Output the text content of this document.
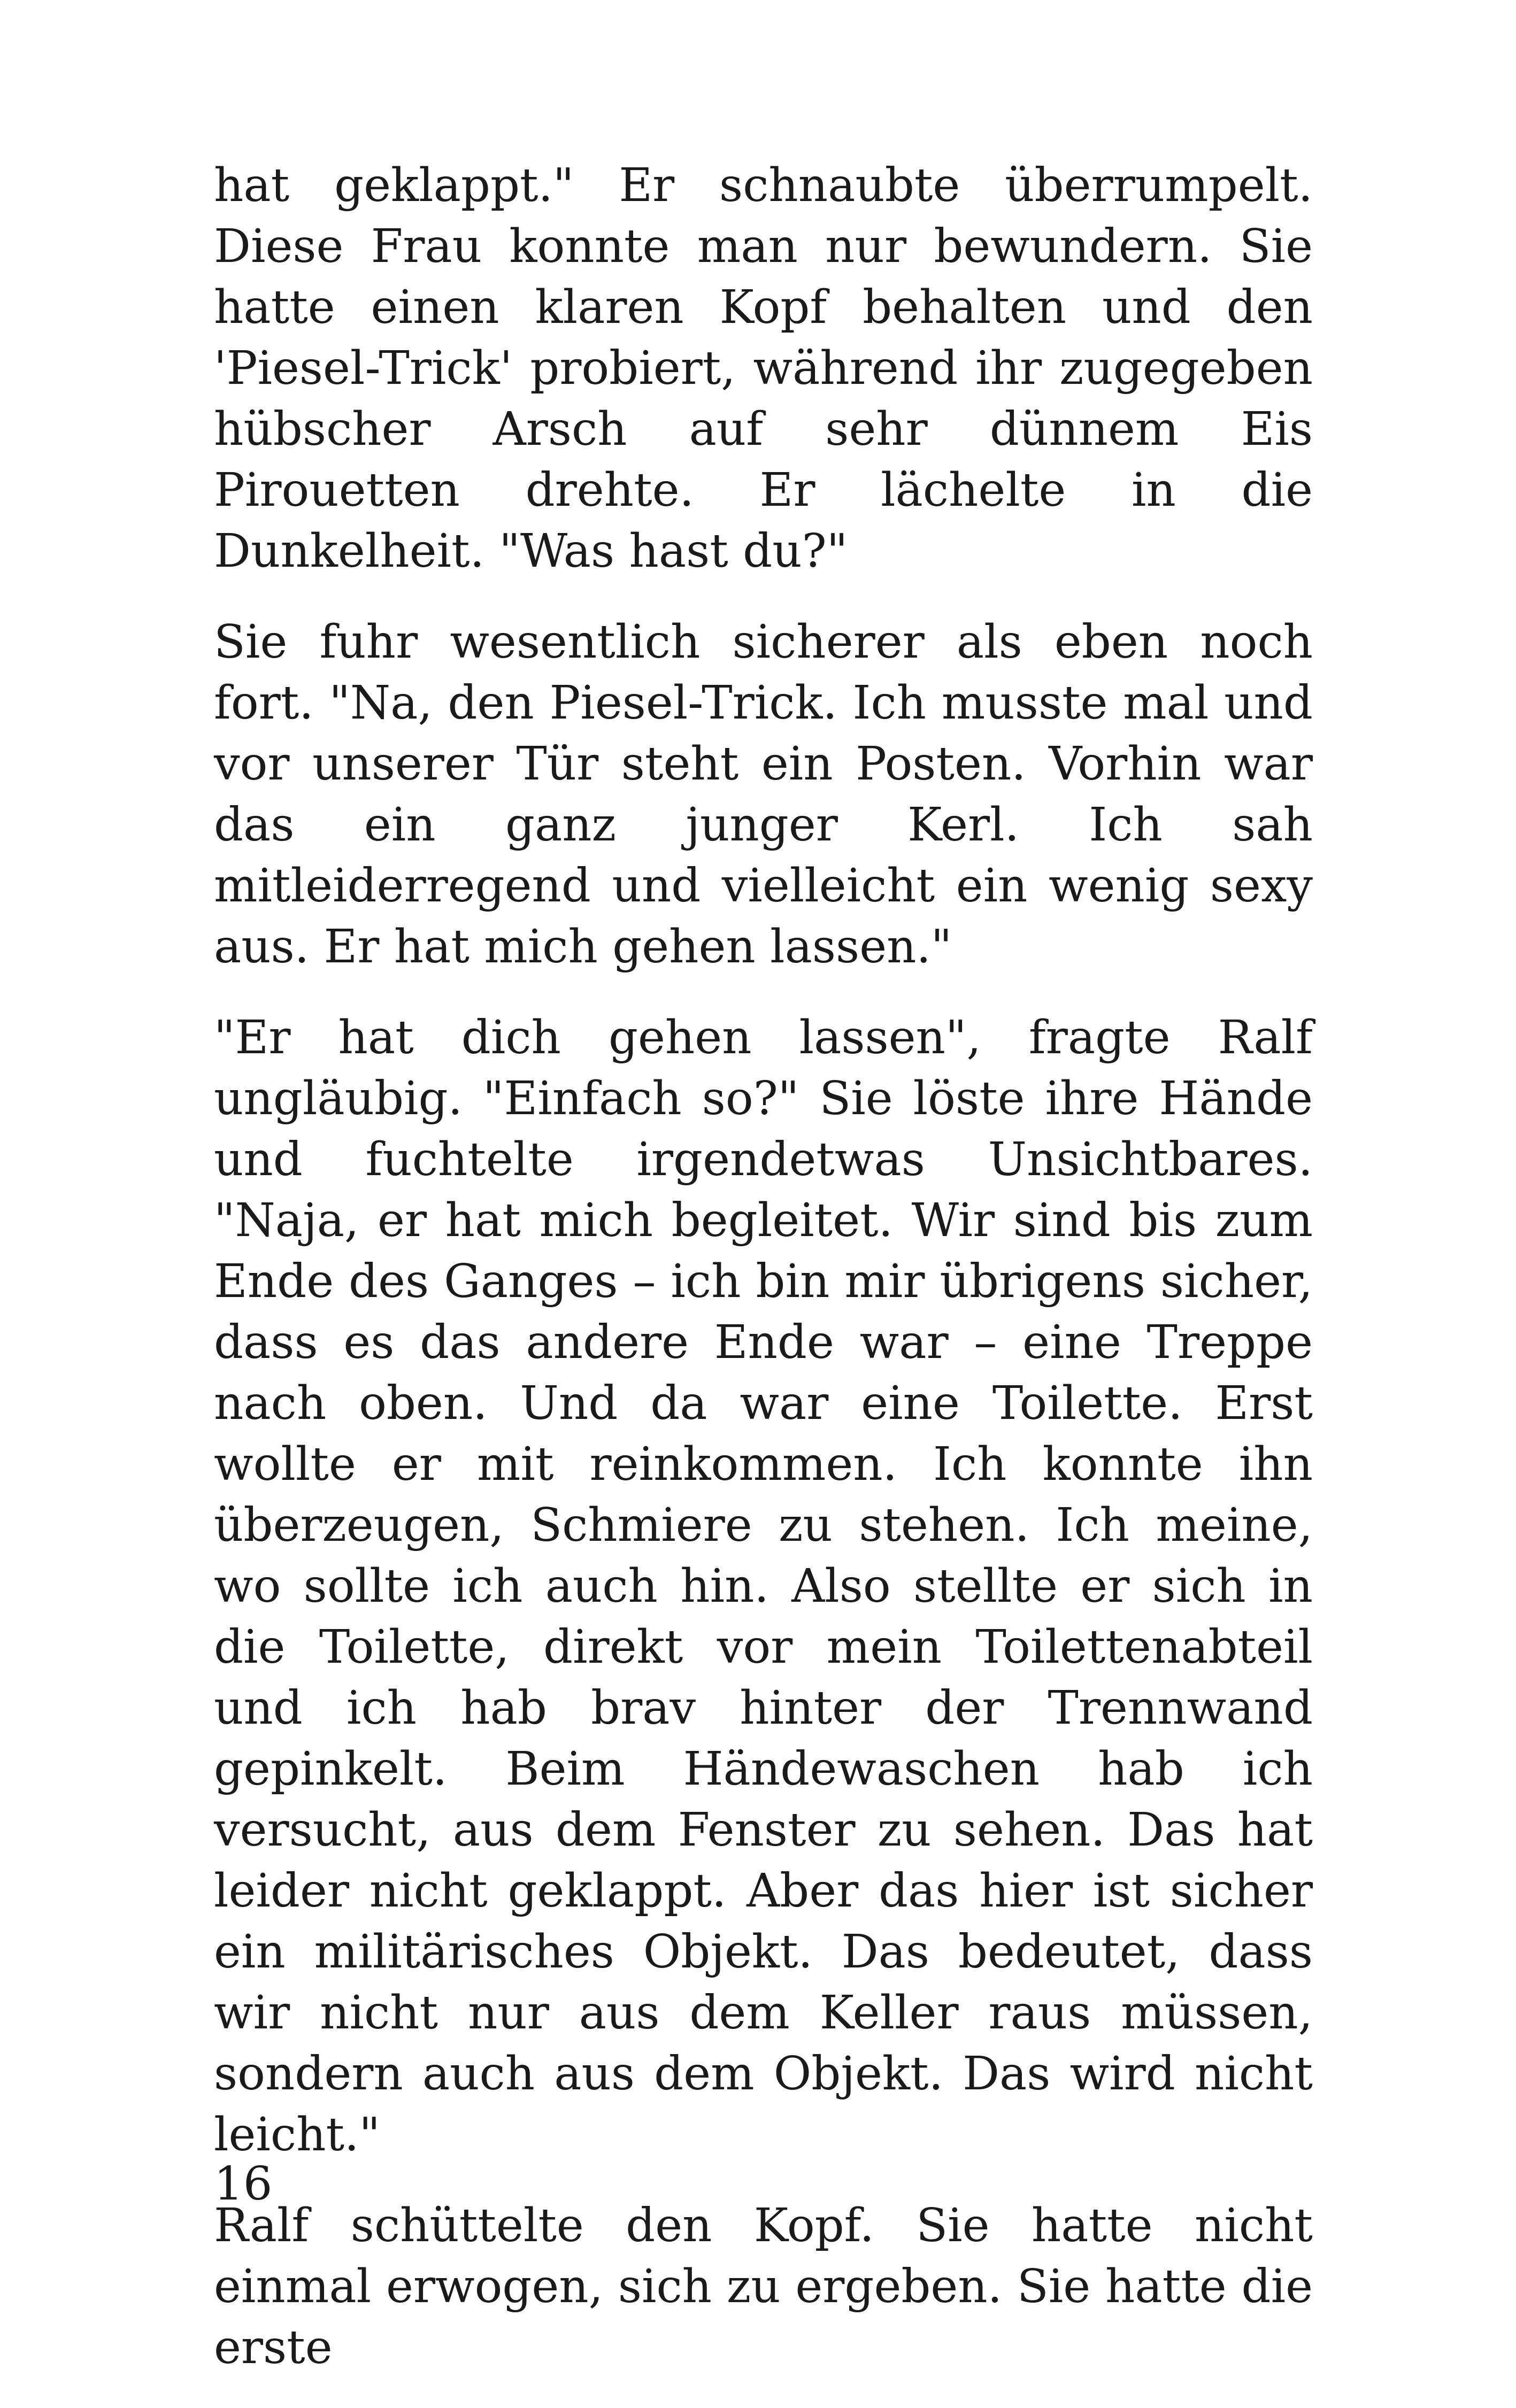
hat geklappt." Er schnaubte überrumpelt. Diese Frau konnte man nur bewundern. Sie hatte einen klaren Kopf behalten und den 'Piesel-Trick' probiert, während ihr zugegeben hübscher Arsch auf sehr dünnem Eis Pirouetten drehte. Er lächelte in die Dunkelheit. "Was hast du?"

Sie fuhr wesentlich sicherer als eben noch fort. "Na, den Piesel-Trick. Ich musste mal und vor unserer Tür steht ein Posten. Vorhin war das ein ganz junger Kerl. Ich sah mitleiderregend und vielleicht ein wenig sexy aus. Er hat mich gehen lassen."

"Er hat dich gehen lassen", fragte Ralf ungläubig. "Einfach so?" Sie löste ihre Hände und fuchtelte irgendetwas Unsichtbares. "Naja, er hat mich begleitet. Wir sind bis zum Ende des Ganges – ich bin mir übrigens sicher, dass es das andere Ende war – eine Treppe nach oben. Und da war eine Toilette. Erst wollte er mit reinkommen. Ich konnte ihn überzeugen, Schmiere zu stehen. Ich meine, wo sollte ich auch hin. Also stellte er sich in die Toilette, direkt vor mein Toilettenabteil und ich hab brav hinter der Trennwand gepinkelt. Beim Händewaschen hab ich versucht, aus dem Fenster zu sehen. Das hat leider nicht geklappt. Aber das hier ist sicher ein militärisches Objekt. Das bedeutet, dass wir nicht nur aus dem Keller raus müssen, sondern auch aus dem Objekt. Das wird nicht leicht."

Ralf schüttelte den Kopf. Sie hatte nicht einmal erwogen, sich zu ergeben. Sie hatte die erste

16
